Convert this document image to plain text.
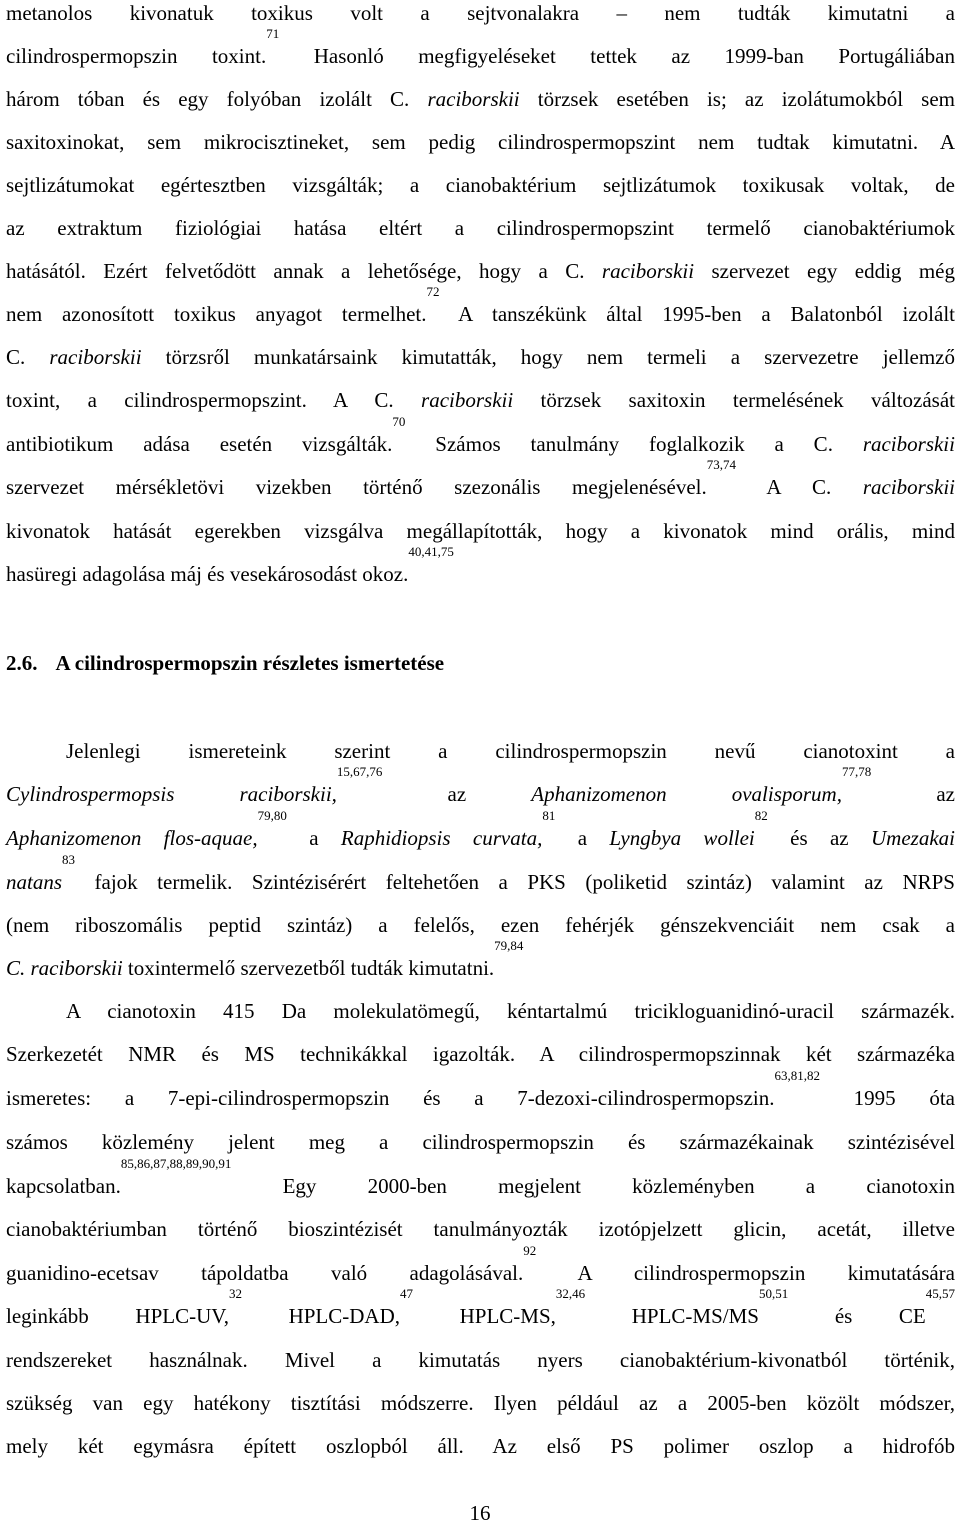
metanolos kivonatuk toxikus volt a sejtvonalakra – nem tudták kimutatni a
cilindrospermopszin toxint.$^{71}$ Hasonló megfigyeléseket tettek az 1999-ban Portugáliában
három tóban és egy folyóban izolált C. raciborskii törzsek esetében is; az izolátumokból sem
saxitoxinokat, sem mikrocisztineket, sem pedig cilindrospermopszint nem tudtak kimutatni. A
sejtlizátumokat egértesztben vizsgálták; a cianobaktérium sejtlizátumok toxikusak voltak, de
az extraktum fiziológiai hatása eltért a cilindrospermopszint termelő cianobaktériumok
hatásától. Ezért felvetődött annak a lehetősége, hogy a C. raciborskii szervezet egy eddig még
nem azonosított toxikus anyagot termelhet.$^{72}$ A tanszékünk által 1995-ben a Balatonból izolált
C. raciborskii törzsről munkatársaink kimutatták, hogy nem termeli a szervezetre jellemző
toxint, a cilindrospermopszint. A C. raciborskii törzsek saxitoxin termelésének változását
antibiotikum adása esetén vizsgálták.$^{70}$ Számos tanulmány foglalkozik a C. raciborskii
szervezet mérsékletövi vizekben történő szezonális megjelenésével.$^{73,74}$ A C. raciborskii
kivonatok hatását egerekben vizsgálva megállapították, hogy a kivonatok mind orális, mind
hasüregi adagolása máj és vesekárosodást okoz.$^{40,41,75}$
2.6. A cilindrospermopszin részletes ismertetése
Jelenlegi ismereteink szerint a cilindrospermopszin nevű cianotoxint a
Cylindrospermopsis raciborskii,$^{15,67,76}$ az Aphanizomenon ovalisporum,$^{77,78}$ az
Aphanizomenon flos-aquae,$^{79,80}$ a Raphidiopsis curvata,$^{81}$ a Lyngbya wollei$^{82}$ és az Umezakai
natans$^{83}$ fajok termelik. Szintézisérért feltehetően a PKS (poliketid szintáz) valamint az NRPS
(nem riboszomális peptid szintáz) a felelős, ezen fehérjék génszekvenciáit nem csak a
C. raciborskii toxintermelő szervezetből tudták kimutatni.$^{79,84}$
A cianotoxin 415 Da molekulatömegű, kéntartalmú tricikloguanidinó-uracil származék.
Szerkezetét NMR és MS technikákkal igazolták. A cilindrospermopszinnak két származéka
ismeretes: a 7-epi-cilindrospermopszin és a 7-dezoxi-cilindrospermopszin.$^{63,81,82}$ 1995 óta
számos közlemény jelent meg a cilindrospermopszin és származékainak szintézisével
kapcsolatban.$^{85,86,87,88,89,90,91}$ Egy 2000-ben megjelent közleményben a cianotoxin
cianobaktériumban történő bioszintézisét tanulmányozták izotópjelzett glicin, acetát, illetve
guanidino-ecetsav tápoldatba való adagolásával.$^{92}$ A cilindrospermopszin kimutatására
leginkább HPLC-UV,$^{32}$ HPLC-DAD,$^{47}$ HPLC-MS,$^{32,46}$ HPLC-MS/MS$^{50,51}$ és CE$^{45,57}$
rendszereket használnak. Mivel a kimutatás nyers cianobaktérium-kivonatból történik,
szükség van egy hatékony tisztítási módszerre. Ilyen például az a 2005-ben közölt módszer,
mely két egymásra épített oszlopból áll. Az első PS polimer oszlop a hidrofób
16
